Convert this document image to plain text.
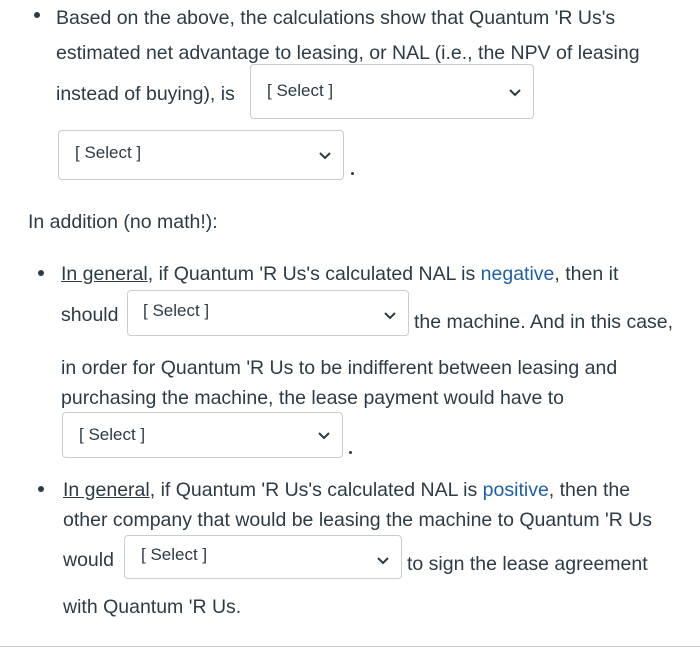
Based on the above, the calculations show that Quantum 'R Us's
estimated net advantage to leasing, or NAL (i.e., the NPV of leasing
instead of buying), is [ Select ]
[ Select ]
In addition (no math!):
In general, if Quantum 'R Us's calculated NAL is negative, then it
should [ Select ]
the machine. And in this case,
in order for Quantum 'R Us to be indifferent between leasing and
purchasing the machine, the lease payment would have to
[ Select ]
In general, if Quantum 'R Us's calculated NAL is positive, then the
other company that would be leasing the machine to Quantum 'R Us
would [ Select ]	to sign the lease agreement
with Quantum 'R Us.
